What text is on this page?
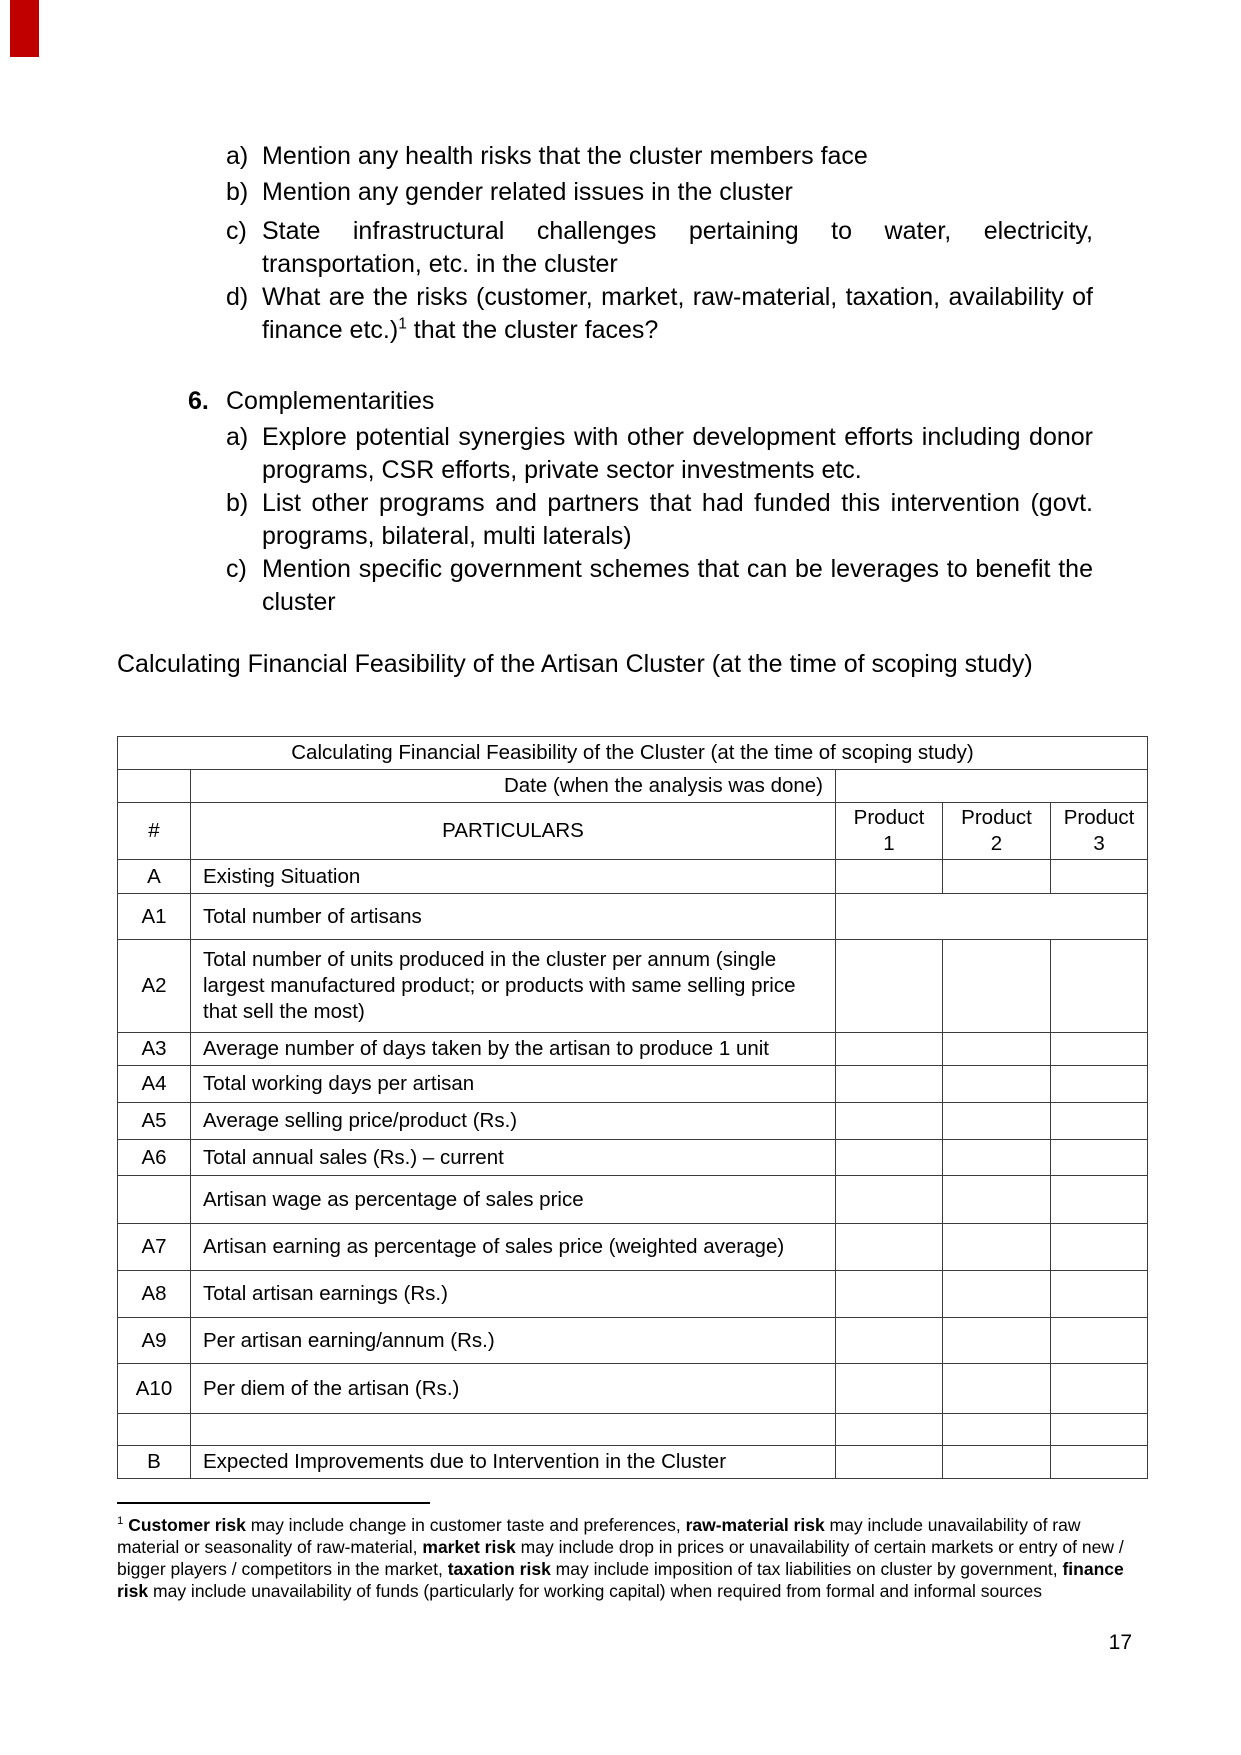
a) Mention any health risks that the cluster members face
b) Mention any gender related issues in the cluster
c) State infrastructural challenges pertaining to water, electricity,
transportation, etc. in the cluster
d) What are the risks (customer, market, raw-material, taxation, availability of
finance etc.)$^1$ that the cluster faces?
6. Complementarities
a) Explore potential synergies with other development efforts including donor
programs, CSR efforts, private sector investments etc.
b) List other programs and partners that had funded this intervention (govt.
programs, bilateral, multi laterals)
c) Mention specific government schemes that can be leverages to benefit the
cluster
Calculating Financial Feasibility of the Artisan Cluster (at the time of scoping study)
Calculating Financial Feasibility of the Cluster (at the time of scoping study)				
	Date (when the analysis was done)			
#	PARTICULARS	Product 1	Product 2	Product 3
A	Existing Situation			
A1	Total number of artisans			
A2	Total number of units produced in the cluster per annum (single largest manufactured product; or products with same selling price that sell the most)			
A3	Average number of days taken by the artisan to produce 1 unit			
A4	Total working days per artisan			
A5	Average selling price/product (Rs.)			
A6	Total annual sales (Rs.) – current			
	Artisan wage as percentage of sales price			
A7	Artisan earning as percentage of sales price (weighted average)			
A8	Total artisan earnings (Rs.)			
A9	Per artisan earning/annum (Rs.)			
A10	Per diem of the artisan (Rs.)			

B	Expected Improvements due to Intervention in the Cluster			
$^1$ Customer risk may include change in customer taste and preferences, raw-material risk may include unavailability of raw material or seasonality of raw-material, market risk may include drop in prices or unavailability of certain markets or entry of new / bigger players / competitors in the market, taxation risk may include imposition of tax liabilities on cluster by government, finance risk may include unavailability of funds (particularly for working capital) when required from formal and informal sources
17
